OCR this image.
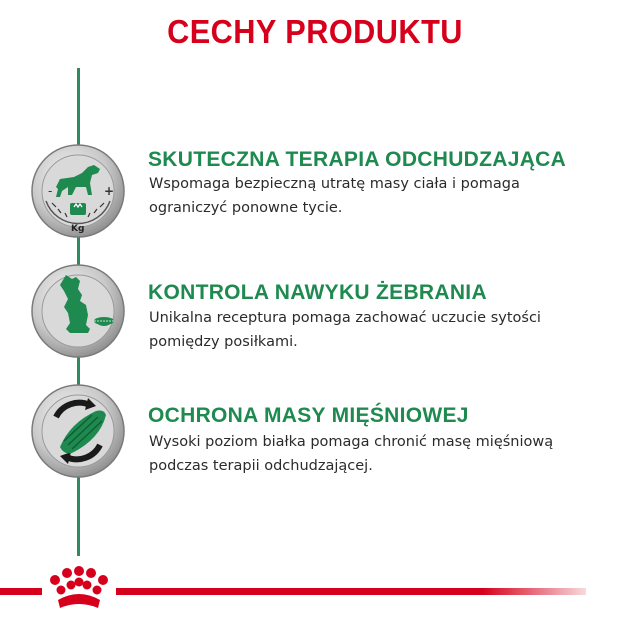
CECHY PRODUKTU
-	+
Kg
SKUTECZNA TERAPIA ODCHUDZAJĄCA
Wspomaga bezpieczną utratę masy ciała i pomaga
ograniczyć ponowne tycie.
KONTROLA NAWYKU ŻEBRANIA
Unikalna receptura pomaga zachować uczucie sytości
pomiędzy posiłkami.
OCHRONA MASY MIĘŚNIOWEJ
Wysoki poziom białka pomaga chronić masę mięśniową
podczas terapii odchudzającej.
